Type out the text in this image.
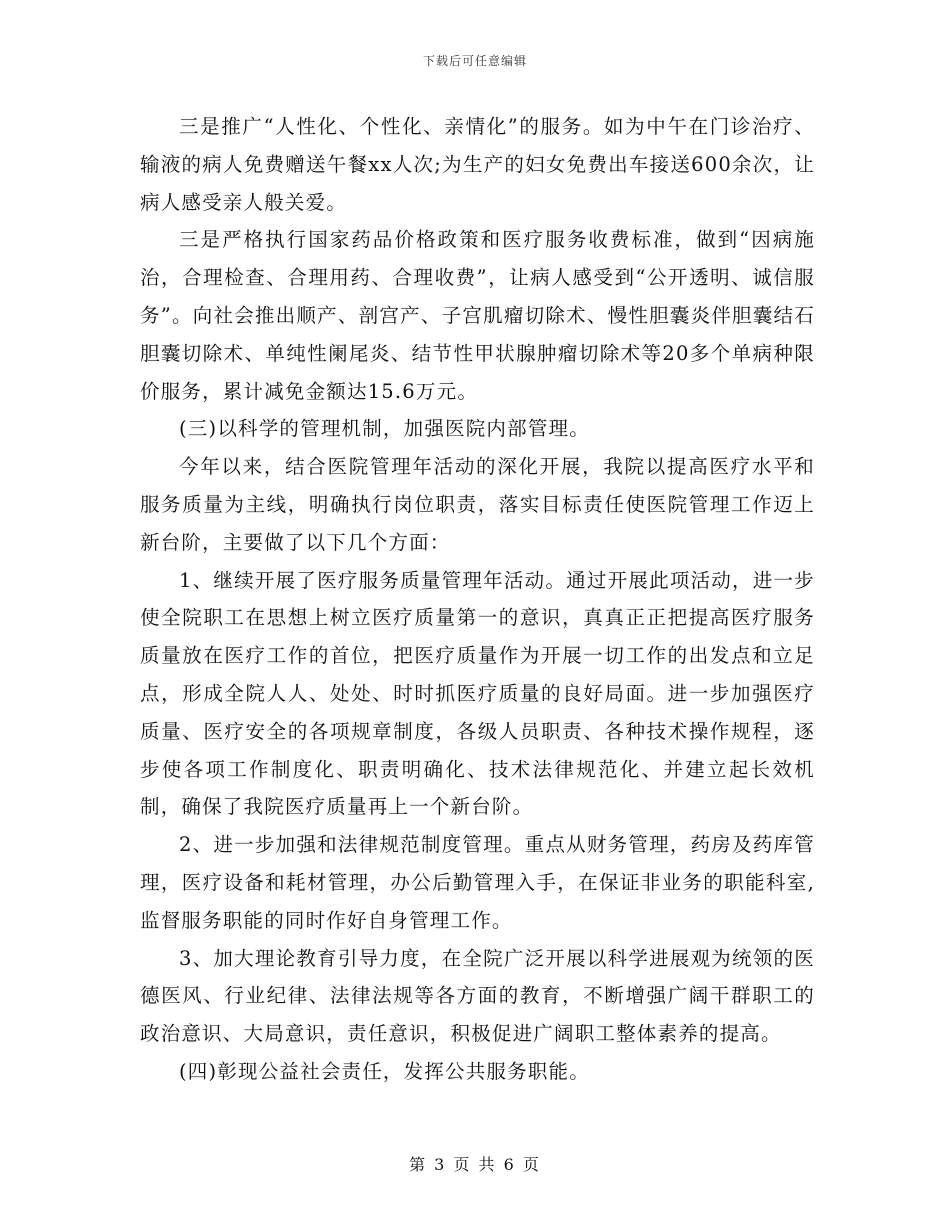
下载后可任意编辑

三是推广“人性化、个性化、亲情化”的服务。如为中午在门诊治疗、输液的病人免费赠送午餐xx人次;为生产的妇女免费出车接送600余次，让病人感受亲人般关爱。

三是严格执行国家药品价格政策和医疗服务收费标准，做到“因病施治，合理检查、合理用药、合理收费”，让病人感受到“公开透明、诚信服务”。向社会推出顺产、剖宫产、子宫肌瘤切除术、慢性胆囊炎伴胆囊结石胆囊切除术、单纯性阑尾炎、结节性甲状腺肿瘤切除术等20多个单病种限价服务，累计减免金额达15.6万元。

(三)以科学的管理机制，加强医院内部管理。

今年以来，结合医院管理年活动的深化开展，我院以提高医疗水平和服务质量为主线，明确执行岗位职责，落实目标责任使医院管理工作迈上新台阶，主要做了以下几个方面：

1、继续开展了医疗服务质量管理年活动。通过开展此项活动，进一步使全院职工在思想上树立医疗质量第一的意识，真真正正把提高医疗服务质量放在医疗工作的首位，把医疗质量作为开展一切工作的出发点和立足点，形成全院人人、处处、时时抓医疗质量的良好局面。进一步加强医疗质量、医疗安全的各项规章制度，各级人员职责、各种技术操作规程，逐步使各项工作制度化、职责明确化、技术法律规范化、并建立起长效机制，确保了我院医疗质量再上一个新台阶。

2、进一步加强和法律规范制度管理。重点从财务管理，药房及药库管理，医疗设备和耗材管理，办公后勤管理入手，在保证非业务的职能科室,监督服务职能的同时作好自身管理工作。

3、加大理论教育引导力度，在全院广泛开展以科学进展观为统领的医德医风、行业纪律、法律法规等各方面的教育，不断增强广阔干群职工的政治意识、大局意识，责任意识，积极促进广阔职工整体素养的提高。

(四)彰现公益社会责任，发挥公共服务职能。

第 3 页 共 6 页
